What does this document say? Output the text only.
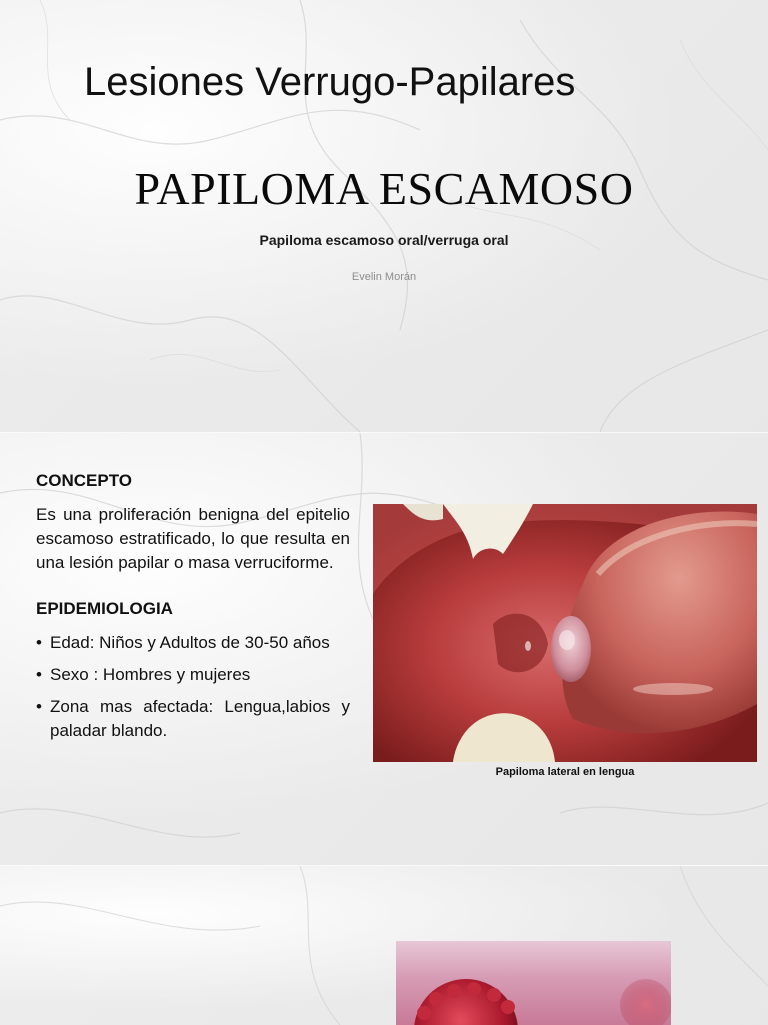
Lesiones Verrugo-Papilares
PAPILOMA ESCAMOSO
Papiloma escamoso oral/verruga oral
Evelin Morán
CONCEPTO

Es una proliferación benigna del epitelio escamoso estratificado, lo que resulta en una lesión papilar o masa verruciforme.

EPIDEMIOLOGIA
• Edad: Niños y Adultos de 30-50 años
• Sexo : Hombres y mujeres
• Zona mas afectada: Lengua,labios y paladar blando.
Papiloma lateral en lengua
